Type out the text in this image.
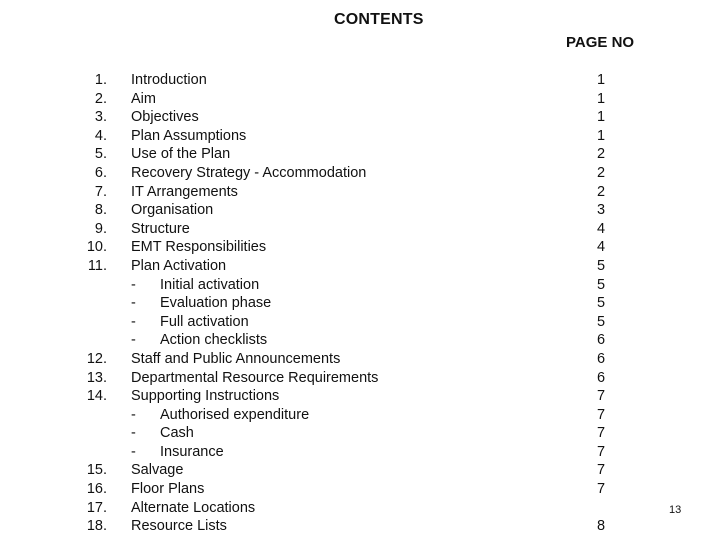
CONTENTS
PAGE NO
1. Introduction	1
2. Aim	1
3. Objectives	1
4. Plan Assumptions	1
5. Use of the Plan	2
6. Recovery Strategy - Accommodation	2
7. IT Arrangements	2
8. Organisation	3
9. Structure	4
10. EMT Responsibilities	4
11. Plan Activation	5
- Initial activation	5
- Evaluation phase	5
- Full activation	5
- Action checklists	6
12. Staff and Public Announcements	6
13. Departmental Resource Requirements	6
14. Supporting Instructions	7
- Authorised expenditure	7
- Cash	7
- Insurance	7
15. Salvage	7
16. Floor Plans	7
17. Alternate Locations
18. Resource Lists	8
13
